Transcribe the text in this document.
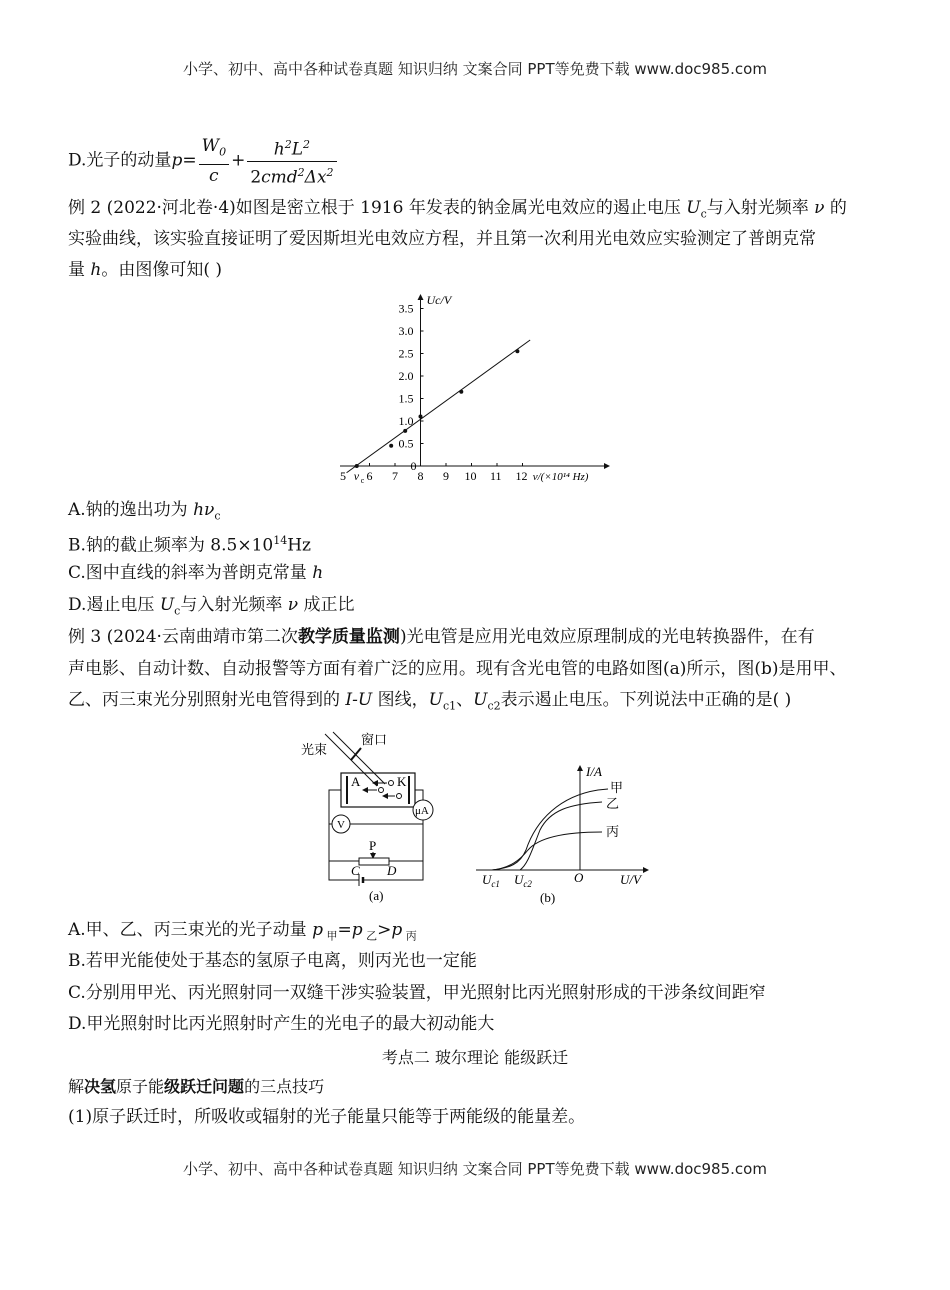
小学、初中、高中各种试卷真题 知识归纳 文案合同 PPT等免费下载 www.doc985.com
D.光子的动量$p= \frac{W_0}{c} + \frac{h^2L^2}{2cmd^2\Delta x^2}$
例 2 (2022·河北卷·4)如图是密立根于 1916 年发表的钠金属光电效应的遏止电压 $U_c$与入射光频率 ν 的
实验曲线，该实验直接证明了爱因斯坦光电效应方程，并且第一次利用光电效应实验测定了普朗克常
量 h。由图像可知( )
5 6 7 8 9 10 11 12
0
0.5
1.0
1.5
2.0
2.5
3.0
3.5
Uc/V
ν/(×10¹⁴ Hz)
ν c
A.钠的逸出功为 $h\nu_c$
B.钠的截止频率为 $8.5\times 10^{14}Hz$
C.图中直线的斜率为普朗克常量 h
D.遏止电压 $U_c$与入射光频率 ν 成正比
例 3 (2024·云南曲靖市第二次教学质量监测)光电管是应用光电效应原理制成的光电转换器件，在有
声电影、自动计数、自动报警等方面有着广泛的应用。现有含光电管的电路如图(a)所示，图(b)是用甲、
乙、丙三束光分别照射光电管得到的 I-U 图线，$U_{c1}$、$U_{c2}$表示遏止电压。下列说法中正确的是( )
光束
窗口
A	K
μA
V
P
C D
(a)
I/A
U/V
O
$U_{c1}$ $U_{c2}$
甲
乙
丙
(b)
A.甲、乙、丙三束光的光子动量 p $_甲$=p $_乙$>p $_丙$
B.若甲光能使处于基态的氢原子电离，则丙光也一定能
C.分别用甲光、丙光照射同一双缝干涉实验装置，甲光照射比丙光照射形成的干涉条纹间距窄
D.甲光照射时比丙光照射时产生的光电子的最大初动能大
考点二 玻尔理论 能级跃迁
解决氢原子能级跃迁问题的三点技巧
(1)原子跃迁时，所吸收或辐射的光子能量只能等于两能级的能量差。
小学、初中、高中各种试卷真题 知识归纳 文案合同 PPT等免费下载 www.doc985.com
